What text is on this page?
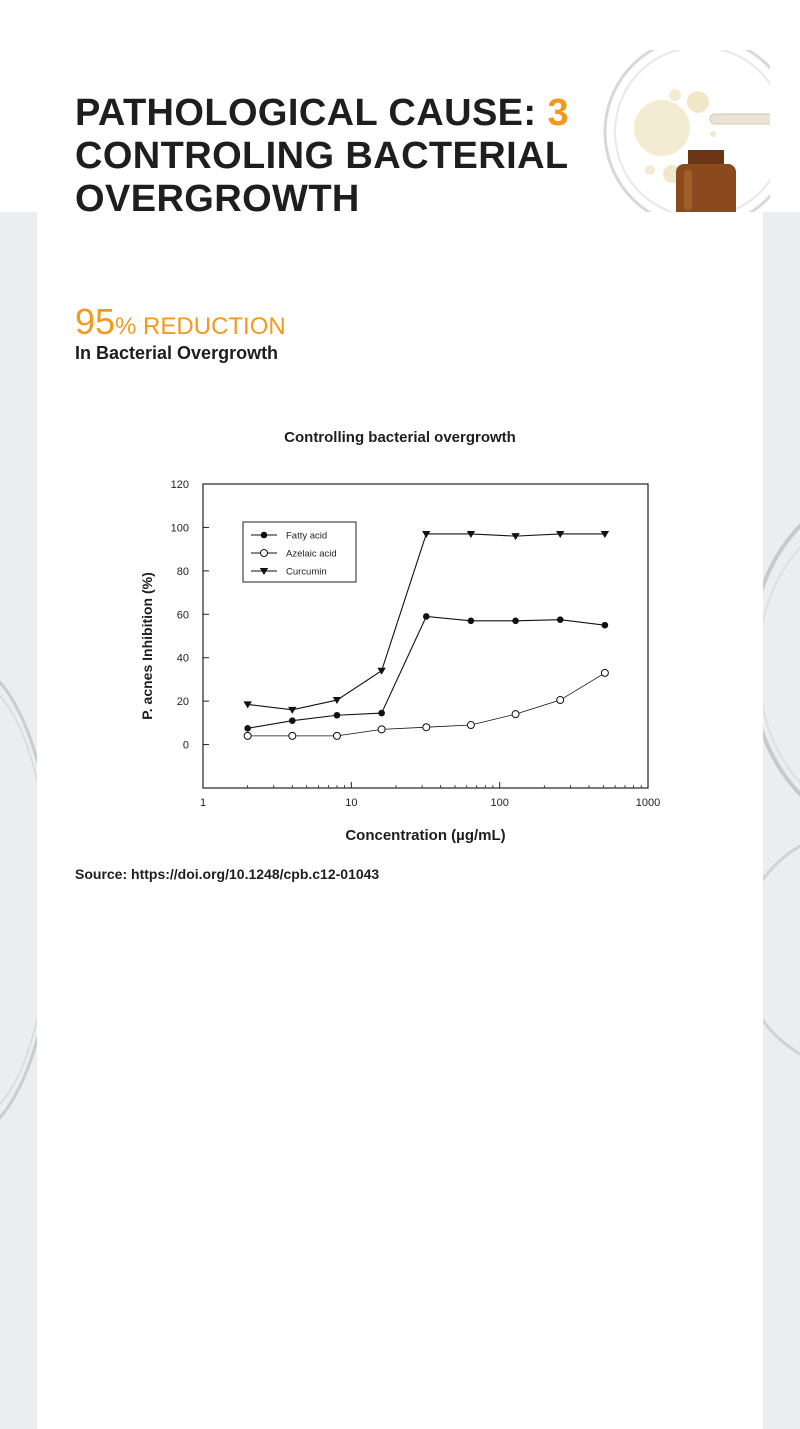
PATHOLOGICAL CAUSE: 3
CONTROLING BACTERIAL OVERGROWTH
95% REDUCTION
In Bacterial Overgrowth
Controlling bacterial overgrowth
0
20
40
60
80
100
120
1	10	100	1000
Concentration (µg/mL)
P. acnes Inhibition (%)
Fatty acid
Azelaic acid
Curcumin
Source: https://doi.org/10.1248/cpb.c12-01043
